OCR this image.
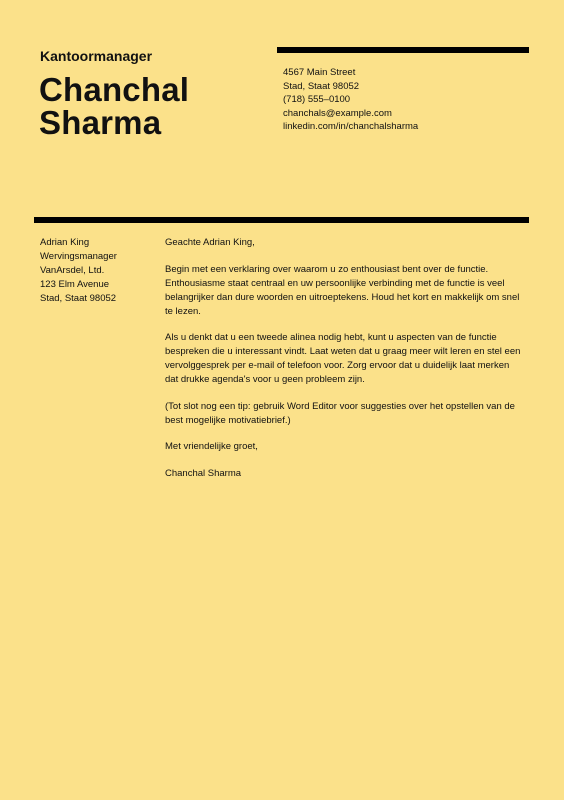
Kantoormanager
Chanchal
Sharma
4567 Main Street
Stad, Staat 98052
(718) 555–0100
chanchals@example.com
linkedin.com/in/chanchalsharma
Adrian King
Wervingsmanager
VanArsdel, Ltd.
123 Elm Avenue
Stad, Staat 98052

Geachte Adrian King,

Begin met een verklaring over waarom u zo enthousiast bent over de functie. Enthousiasme staat centraal en uw persoonlijke verbinding met de functie is veel belangrijker dan dure woorden en uitroeptekens. Houd het kort en makkelijk om snel te lezen.

Als u denkt dat u een tweede alinea nodig hebt, kunt u aspecten van de functie bespreken die u interessant vindt. Laat weten dat u graag meer wilt leren en stel een vervolggesprek per e-mail of telefoon voor. Zorg ervoor dat u duidelijk laat merken dat drukke agenda's voor u geen probleem zijn.

(Tot slot nog een tip: gebruik Word Editor voor suggesties over het opstellen van de best mogelijke motivatiebrief.)

Met vriendelijke groet,

Chanchal Sharma
